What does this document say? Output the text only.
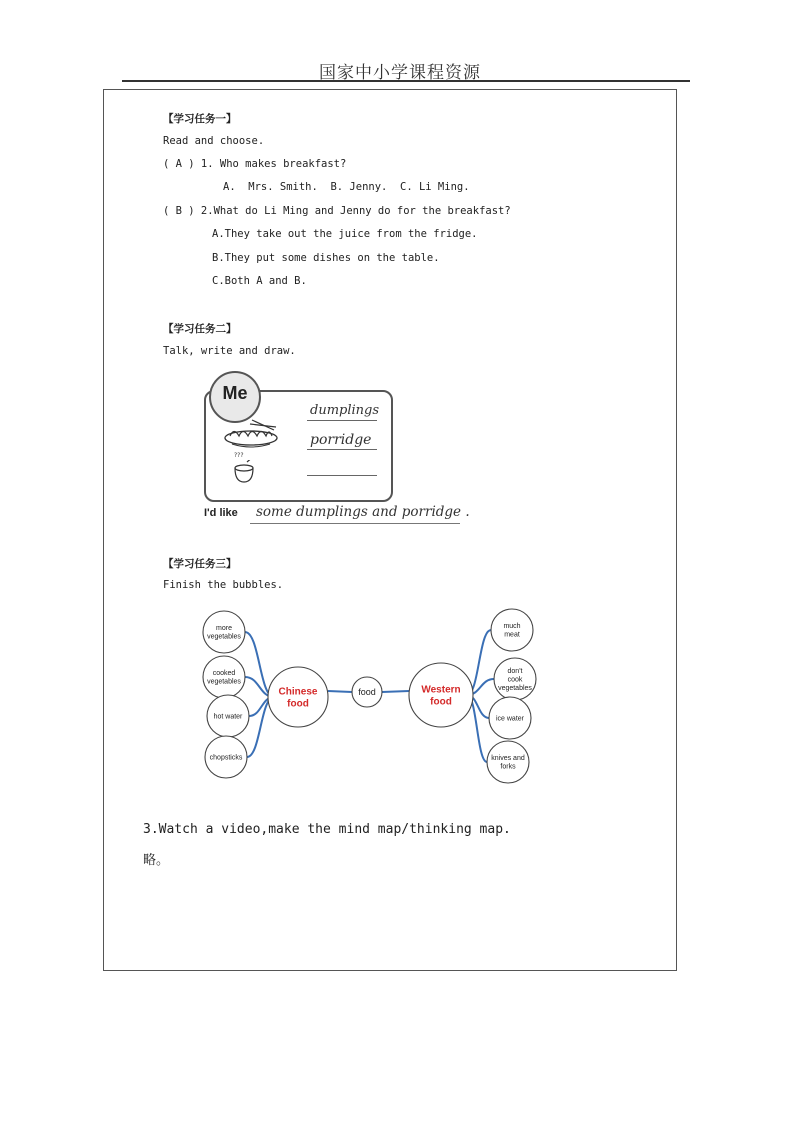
国家中小学课程资源
【学习任务一】
Read and choose.
( A ) 1. Who makes breakfast?
A.  Mrs. Smith.  B. Jenny.  C. Li Ming.
( B ) 2.What do Li Ming and Jenny do for the breakfast?
A.They take out the juice from the fridge.
B.They put some dishes on the table.
C.Both A and B.
【学习任务二】
Talk, write and draw.
Me
???
dumplings
porridge
I'd like some dumplings and porridge .
【学习任务三】
Finish the bubbles.
food
Chinese
food
Western
food
more
vegetables
cooked
vegetables
hot water
chopsticks
much
meat
don't
cook
vegetables
ice water
knives and
forks
3.Watch a video,make the mind map/thinking map.
略。
